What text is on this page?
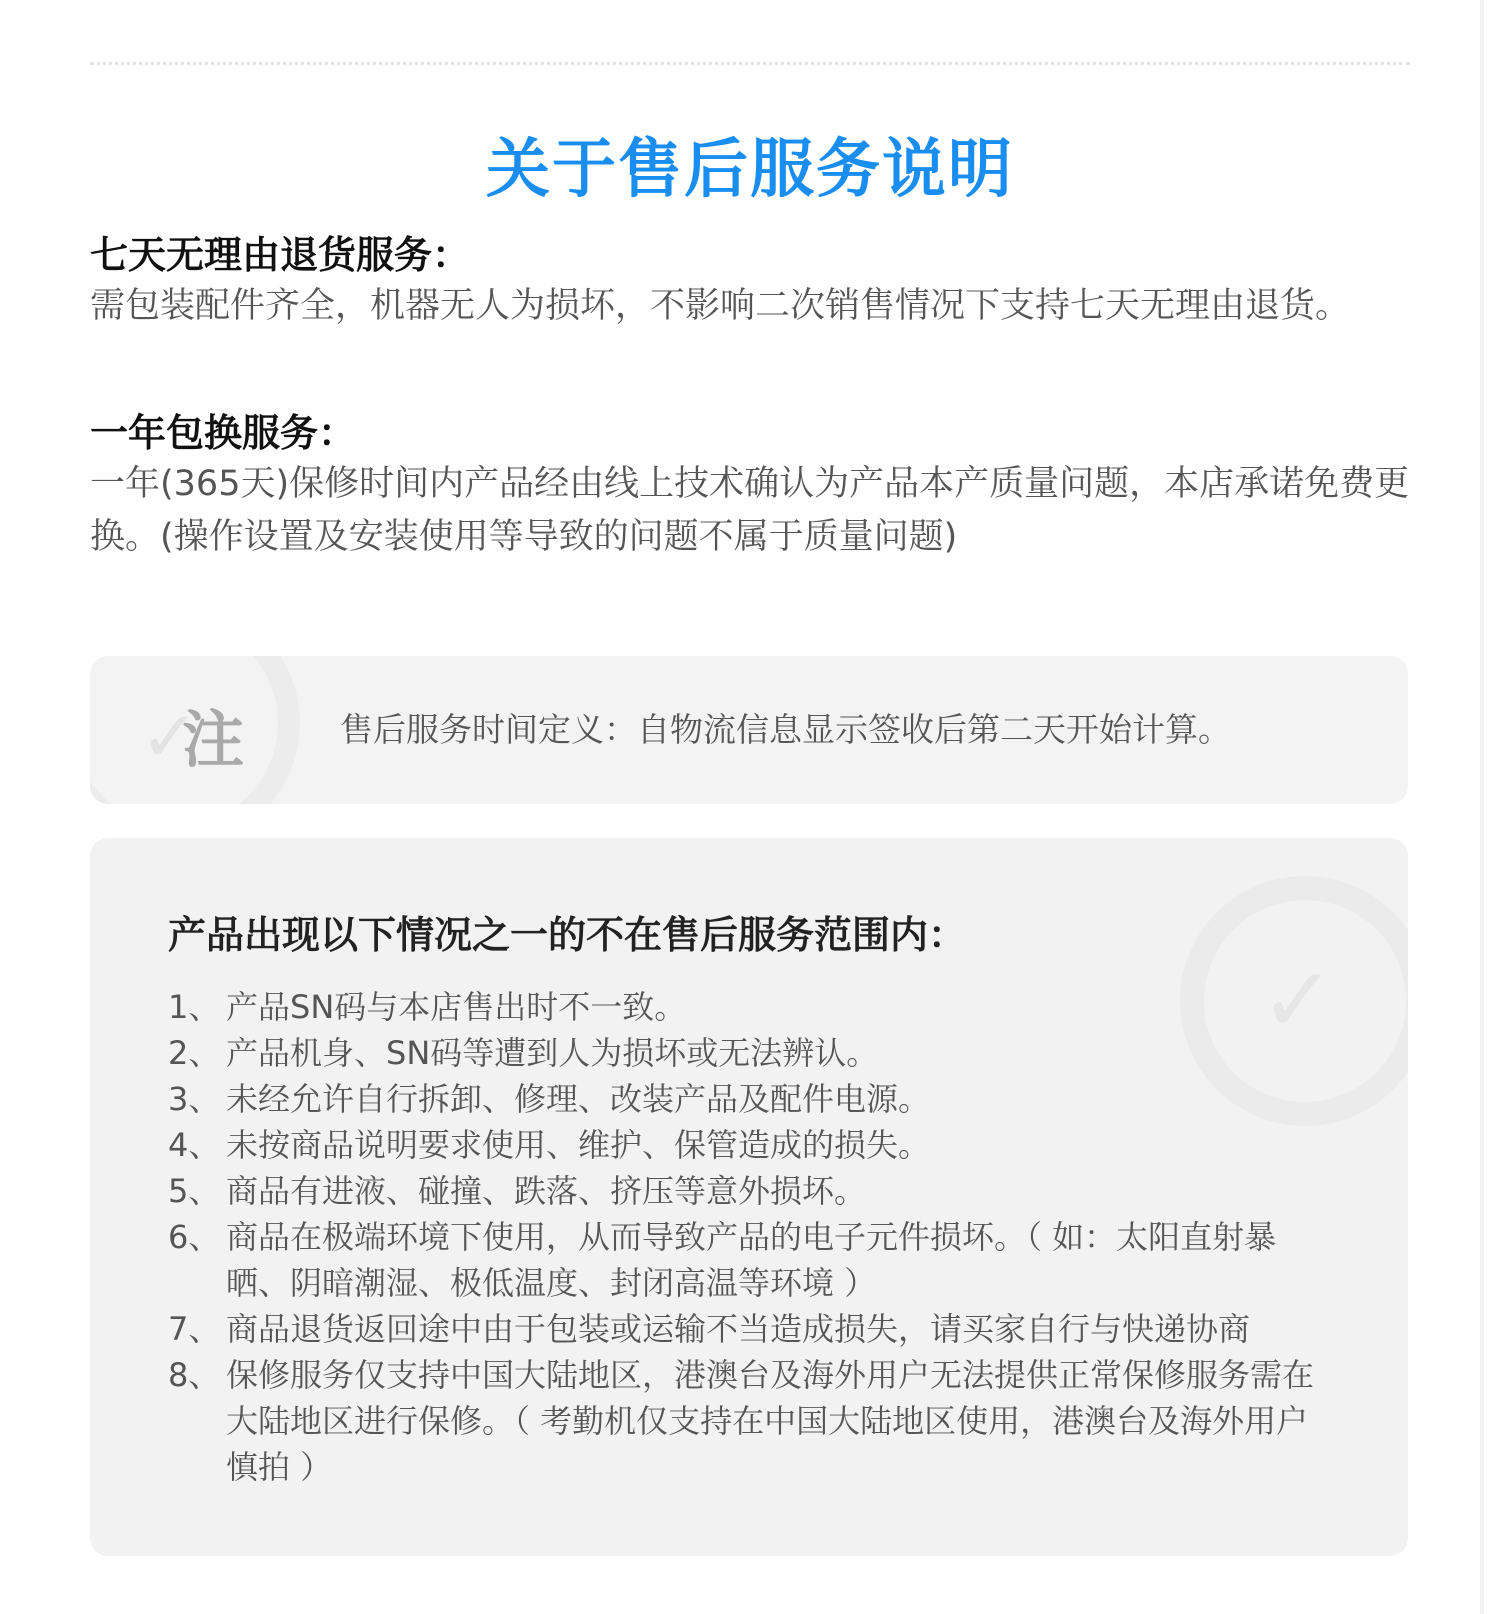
关于售后服务说明
七天无理由退货服务：
需包装配件齐全，机器无人为损坏，不影响二次销售情况下支持七天无理由退货。
一年包换服务：
一年(365天)保修时间内产品经由线上技术确认为产品本产质量问题，本店承诺免费更换。(操作设置及安装使用等导致的问题不属于质量问题)
✓
注	售后服务时间定义：自物流信息显示签收后第二天开始计算。
✓
产品出现以下情况之一的不在售后服务范围内：
1、 产品SN码与本店售出时不一致。
2、 产品机身、SN码等遭到人为损坏或无法辨认。
3、 未经允许自行拆卸、修理、改装产品及配件电源。
4、 未按商品说明要求使用、维护、保管造成的损失。
5、 商品有进液、碰撞、跌落、挤压等意外损坏。
6、 商品在极端环境下使用，从而导致产品的电子元件损坏。（ 如：太阳直射暴晒、阴暗潮湿、极低温度、封闭高温等环境 ）
7、 商品退货返回途中由于包装或运输不当造成损失，请买家自行与快递协商
8、 保修服务仅支持中国大陆地区，港澳台及海外用户无法提供正常保修服务需在大陆地区进行保修。（ 考勤机仅支持在中国大陆地区使用，港澳台及海外用户慎拍 ）
